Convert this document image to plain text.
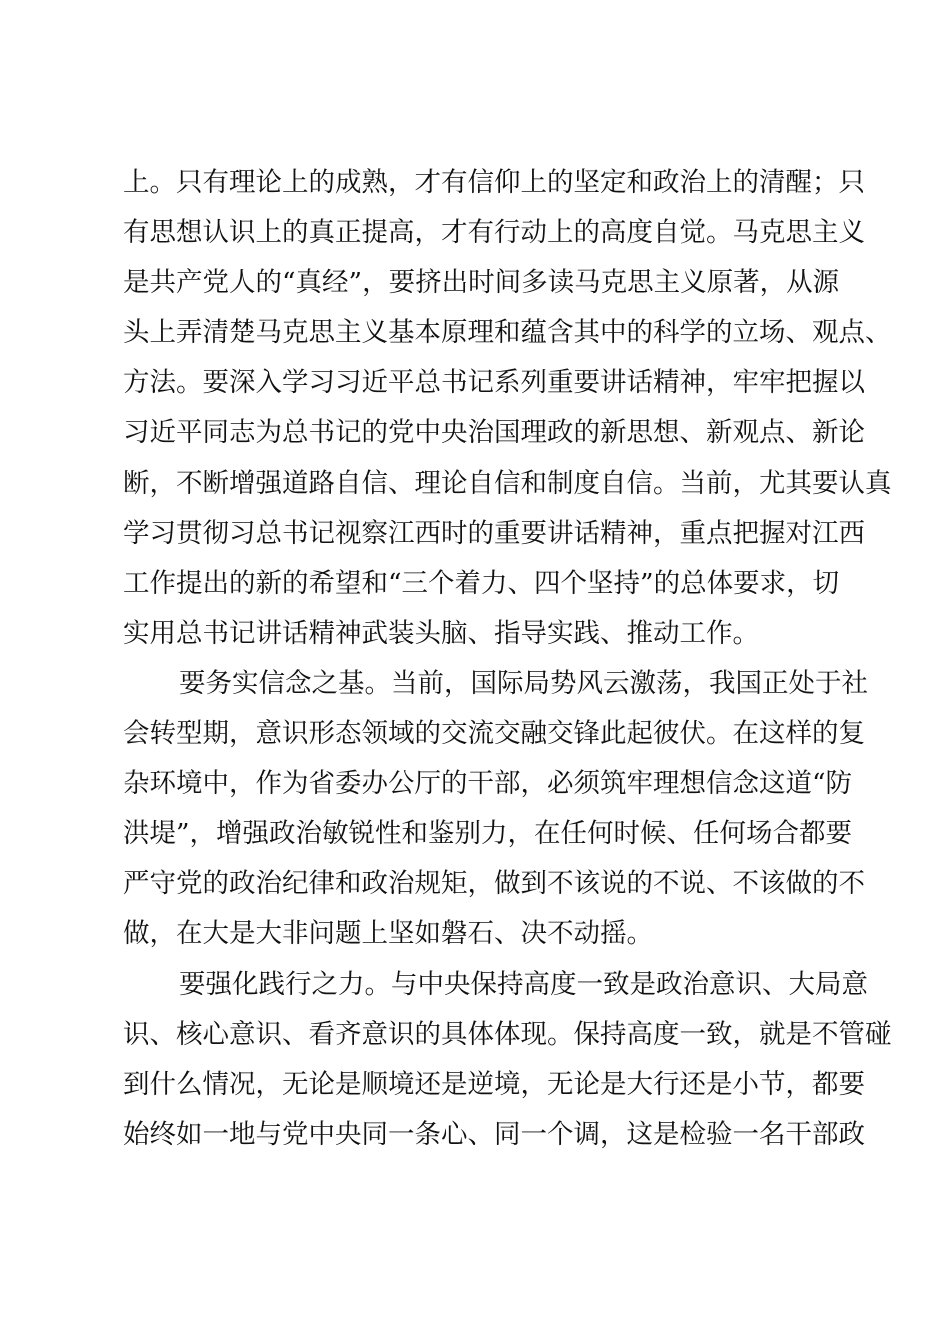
上。只有理论上的成熟，才有信仰上的坚定和政治上的清醒；只
有思想认识上的真正提高，才有行动上的高度自觉。马克思主义
是共产党人的“真经”，要挤出时间多读马克思主义原著，从源
头上弄清楚马克思主义基本原理和蕴含其中的科学的立场、观点、
方法。要深入学习习近平总书记系列重要讲话精神，牢牢把握以
习近平同志为总书记的党中央治国理政的新思想、新观点、新论
断，不断增强道路自信、理论自信和制度自信。当前，尤其要认真
学习贯彻习总书记视察江西时的重要讲话精神，重点把握对江西
工作提出的新的希望和“三个着力、四个坚持”的总体要求，切
实用总书记讲话精神武装头脑、指导实践、推动工作。
要务实信念之基。当前，国际局势风云激荡，我国正处于社
会转型期，意识形态领域的交流交融交锋此起彼伏。在这样的复
杂环境中，作为省委办公厅的干部，必须筑牢理想信念这道“防
洪堤”，增强政治敏锐性和鉴别力，在任何时候、任何场合都要
严守党的政治纪律和政治规矩，做到不该说的不说、不该做的不
做，在大是大非问题上坚如磐石、决不动摇。
要强化践行之力。与中央保持高度一致是政治意识、大局意
识、核心意识、看齐意识的具体体现。保持高度一致，就是不管碰
到什么情况，无论是顺境还是逆境，无论是大行还是小节，都要
始终如一地与党中央同一条心、同一个调，这是检验一名干部政
